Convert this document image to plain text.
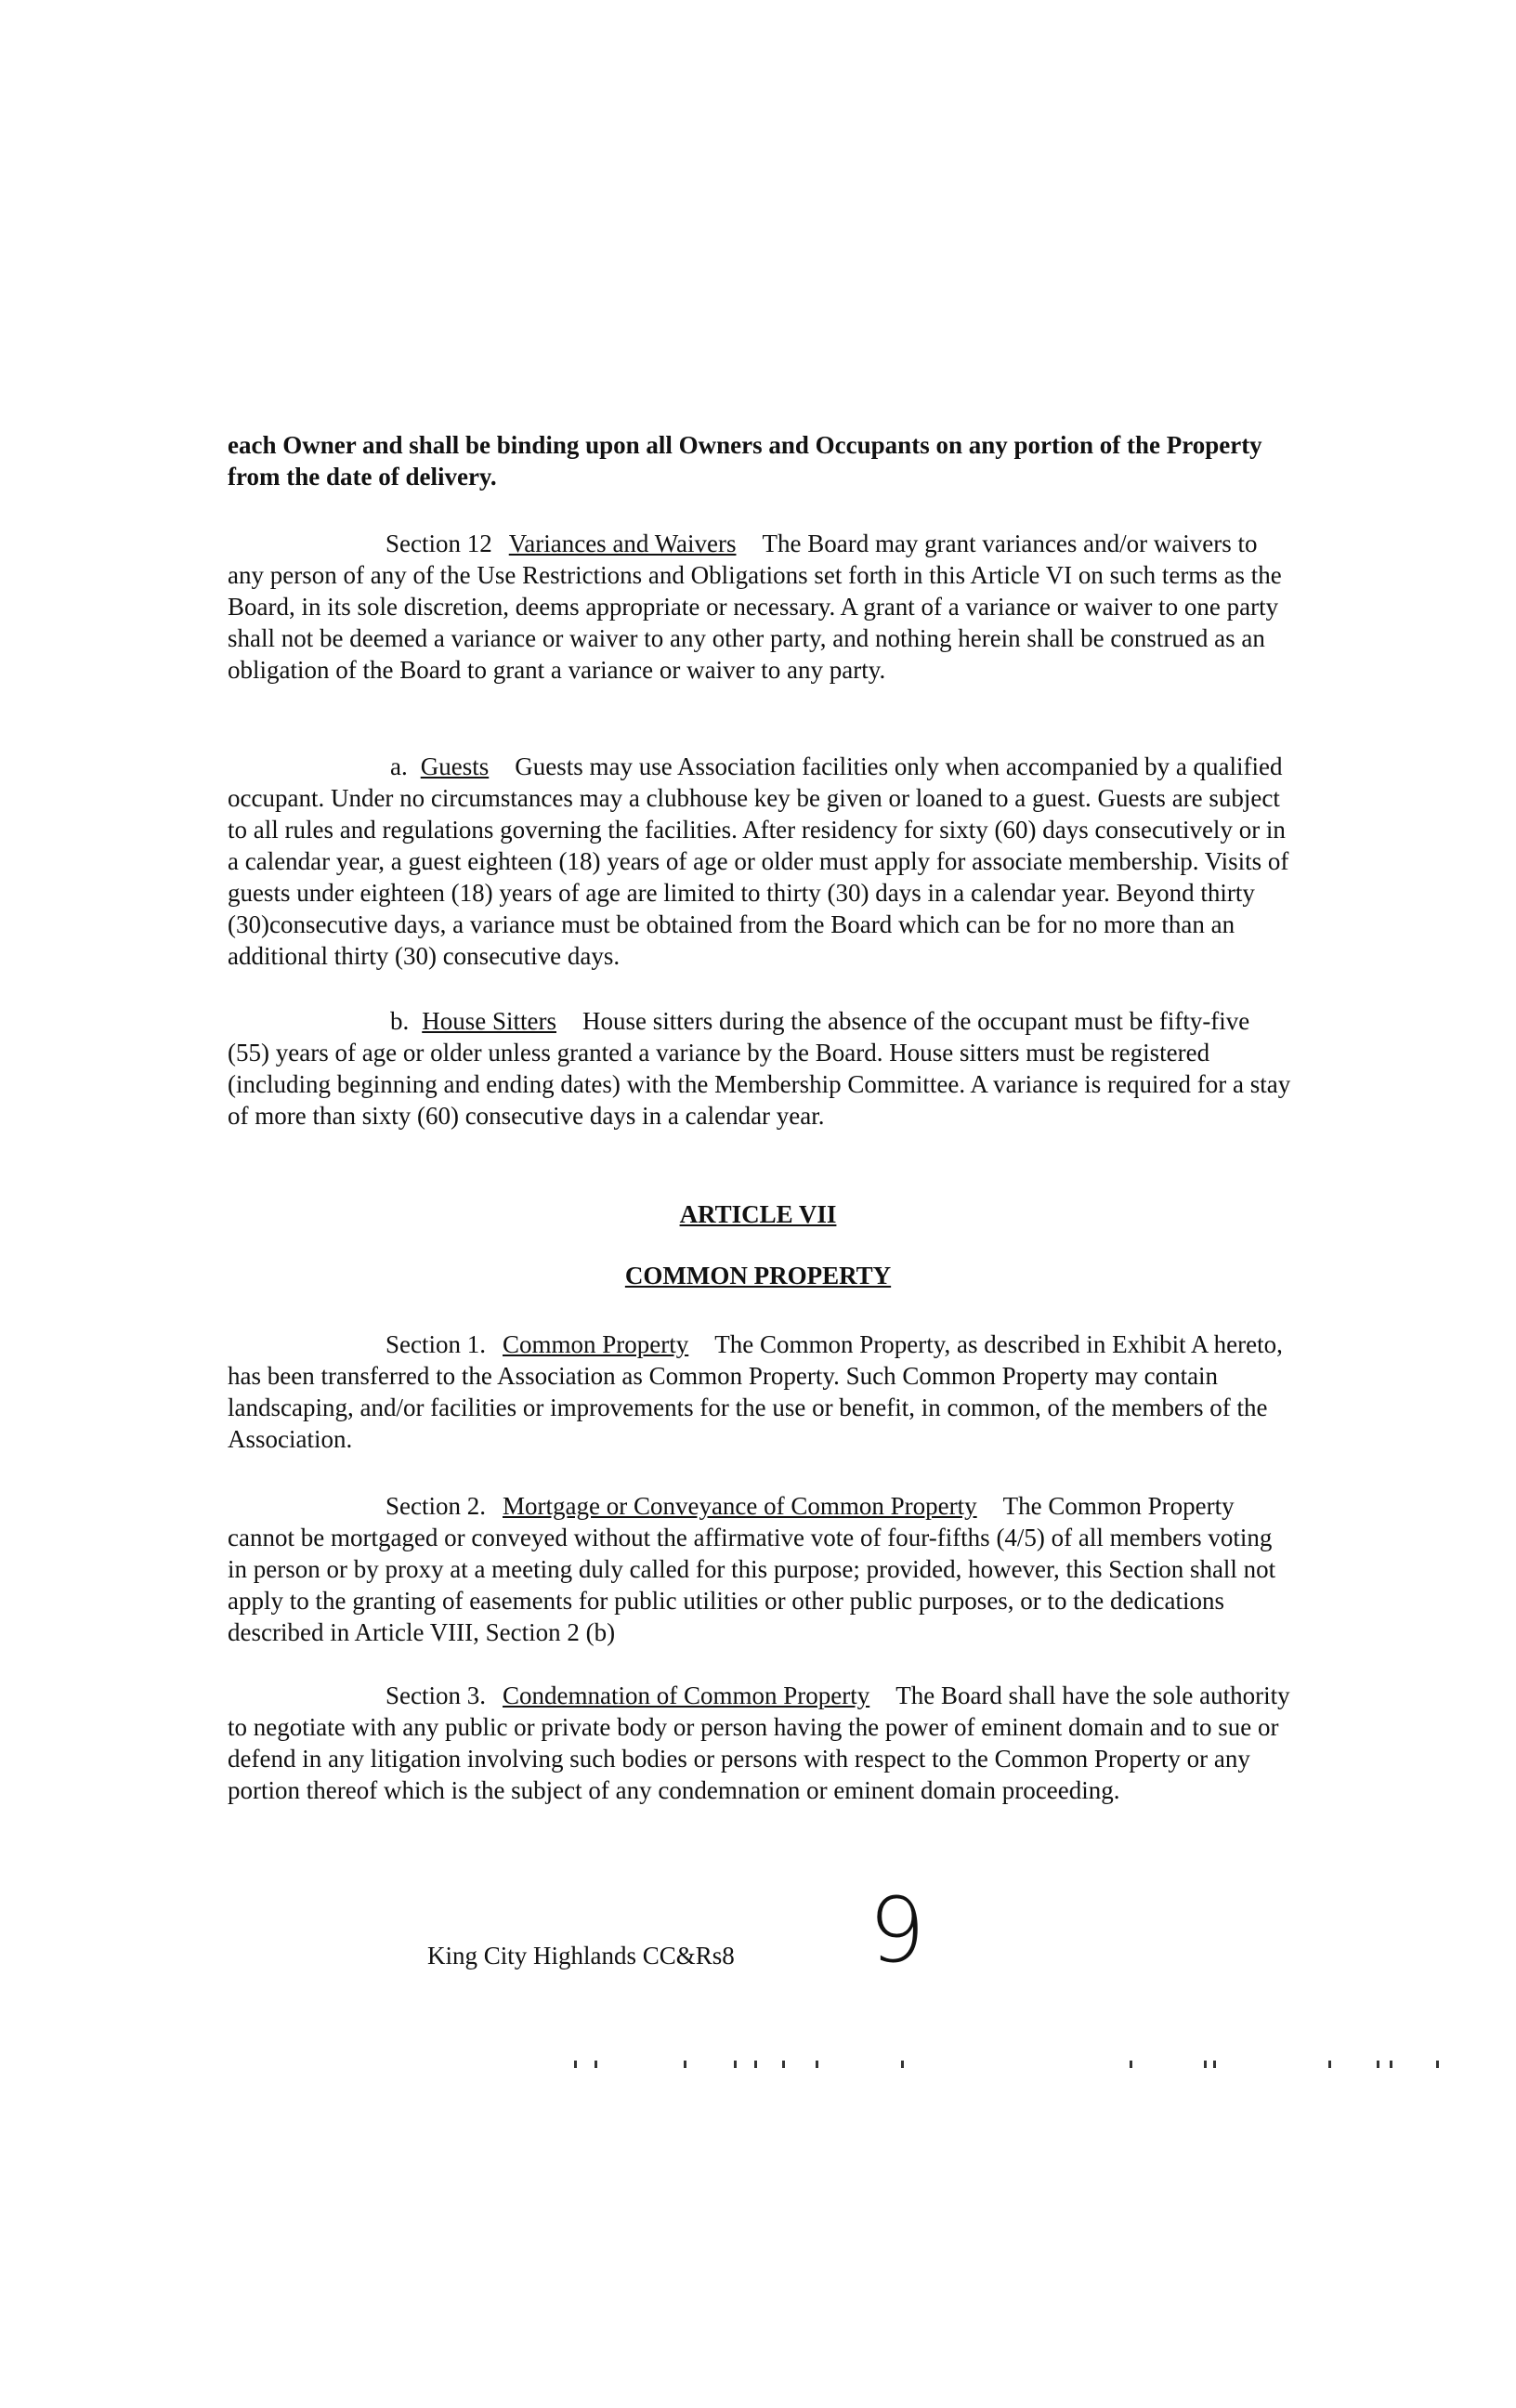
each Owner and shall be binding upon all Owners and Occupants on any portion of the Property from the date of delivery.

Section 12 Variances and Waivers The Board may grant variances and/or waivers to any person of any of the Use Restrictions and Obligations set forth in this Article VI on such terms as the Board, in its sole discretion, deems appropriate or necessary. A grant of a variance or waiver to one party shall not be deemed a variance or waiver to any other party, and nothing herein shall be construed as an obligation of the Board to grant a variance or waiver to any party.

a. Guests Guests may use Association facilities only when accompanied by a qualified occupant. Under no circumstances may a clubhouse key be given or loaned to a guest. Guests are subject to all rules and regulations governing the facilities. After residency for sixty (60) days consecutively or in a calendar year, a guest eighteen (18) years of age or older must apply for associate membership. Visits of guests under eighteen (18) years of age are limited to thirty (30) days in a calendar year. Beyond thirty (30)consecutive days, a variance must be obtained from the Board which can be for no more than an additional thirty (30) consecutive days.

b. House Sitters House sitters during the absence of the occupant must be fifty-five (55) years of age or older unless granted a variance by the Board. House sitters must be registered (including beginning and ending dates) with the Membership Committee. A variance is required for a stay of more than sixty (60) consecutive days in a calendar year.

ARTICLE VII
COMMON PROPERTY

Section 1. Common Property The Common Property, as described in Exhibit A hereto, has been transferred to the Association as Common Property. Such Common Property may contain landscaping, and/or facilities or improvements for the use or benefit, in common, of the members of the Association.

Section 2. Mortgage or Conveyance of Common Property The Common Property cannot be mortgaged or conveyed without the affirmative vote of four-fifths (4/5) of all members voting in person or by proxy at a meeting duly called for this purpose; provided, however, this Section shall not apply to the granting of easements for public utilities or other public purposes, or to the dedications described in Article VIII, Section 2 (b)

Section 3. Condemnation of Common Property The Board shall have the sole authority to negotiate with any public or private body or person having the power of eminent domain and to sue or defend in any litigation involving such bodies or persons with respect to the Common Property or any portion thereof which is the subject of any condemnation or eminent domain proceeding.

King City Highlands CC&Rs8 9
